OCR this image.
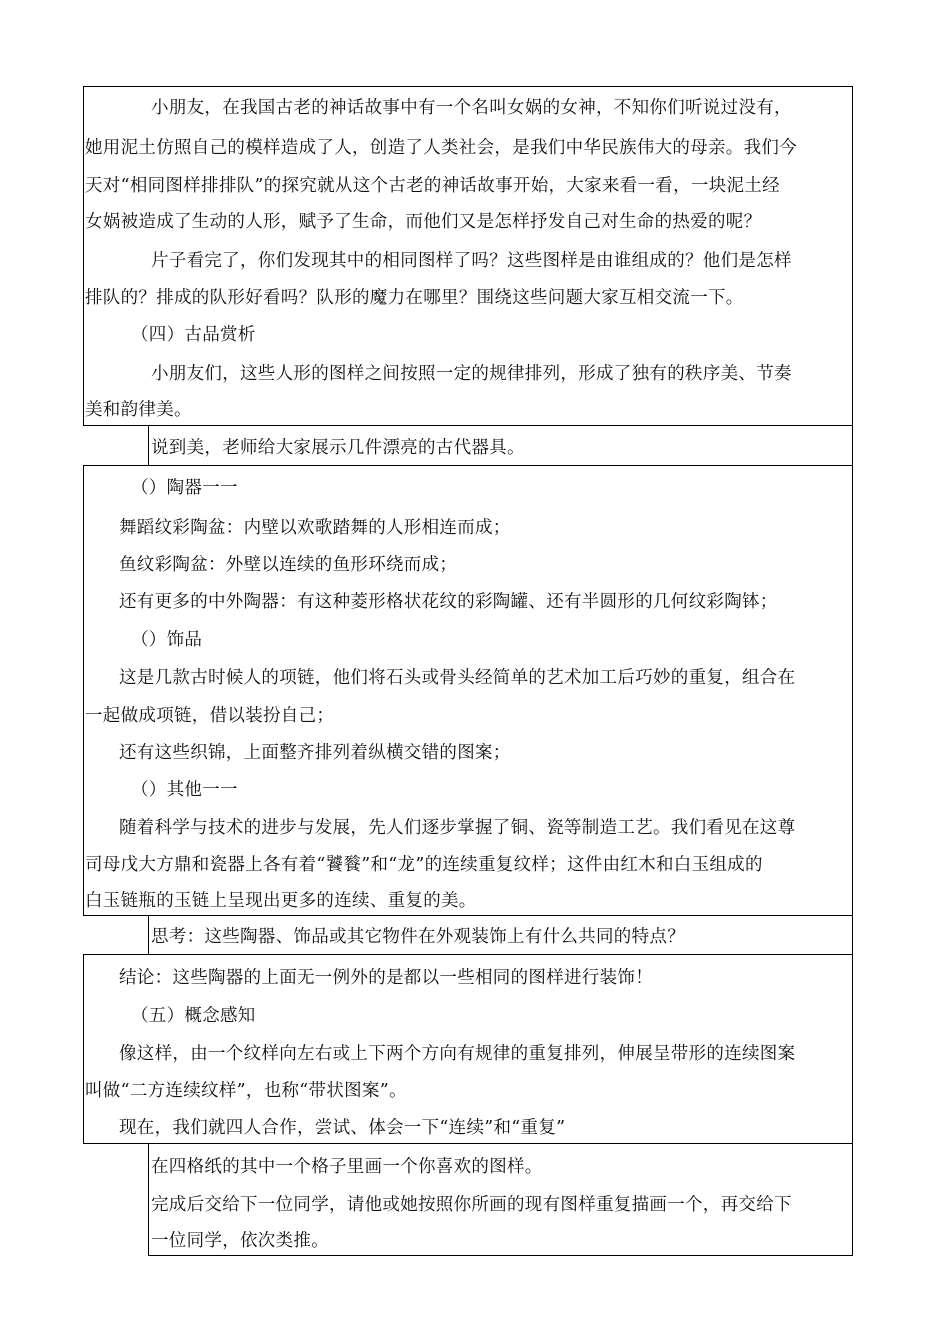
小朋友，在我国古老的神话故事中有一个名叫女娲的女神，不知你们听说过没有，
她用泥土仿照自己的模样造成了人，创造了人类社会，是我们中华民族伟大的母亲。我们今
天对“相同图样排排队”的探究就从这个古老的神话故事开始，大家来看一看，一块泥土经
女娲被造成了生动的人形，赋予了生命，而他们又是怎样抒发自己对生命的热爱的呢？
片子看完了，你们发现其中的相同图样了吗？这些图样是由谁组成的？他们是怎样
排队的？排成的队形好看吗？队形的魔力在哪里？围绕这些问题大家互相交流一下。
（四）古品赏析
小朋友们，这些人形的图样之间按照一定的规律排列，形成了独有的秩序美、节奏
美和韵律美。
说到美，老师给大家展示几件漂亮的古代器具。
（）陶器一一
舞蹈纹彩陶盆：内壁以欢歌踏舞的人形相连而成；
鱼纹彩陶盆：外壁以连续的鱼形环绕而成；
还有更多的中外陶器：有这种菱形格状花纹的彩陶罐、还有半圆形的几何纹彩陶钵；
（）饰品
这是几款古时候人的项链，他们将石头或骨头经简单的艺术加工后巧妙的重复，组合在
一起做成项链，借以装扮自己；
还有这些织锦，上面整齐排列着纵横交错的图案；
（）其他一一
随着科学与技术的进步与发展，先人们逐步掌握了铜、瓷等制造工艺。我们看见在这尊
司母戊大方鼎和瓷器上各有着“饕餮”和“龙”的连续重复纹样；这件由红木和白玉组成的
白玉链瓶的玉链上呈现出更多的连续、重复的美。
思考：这些陶器、饰品或其它物件在外观装饰上有什么共同的特点？
结论：这些陶器的上面无一例外的是都以一些相同的图样进行装饰！
（五）概念感知
像这样，由一个纹样向左右或上下两个方向有规律的重复排列，伸展呈带形的连续图案
叫做“二方连续纹样”，也称“带状图案”。
现在，我们就四人合作，尝试、体会一下“连续”和“重复”
在四格纸的其中一个格子里画一个你喜欢的图样。
完成后交给下一位同学，请他或她按照你所画的现有图样重复描画一个，再交给下
一位同学，依次类推。
